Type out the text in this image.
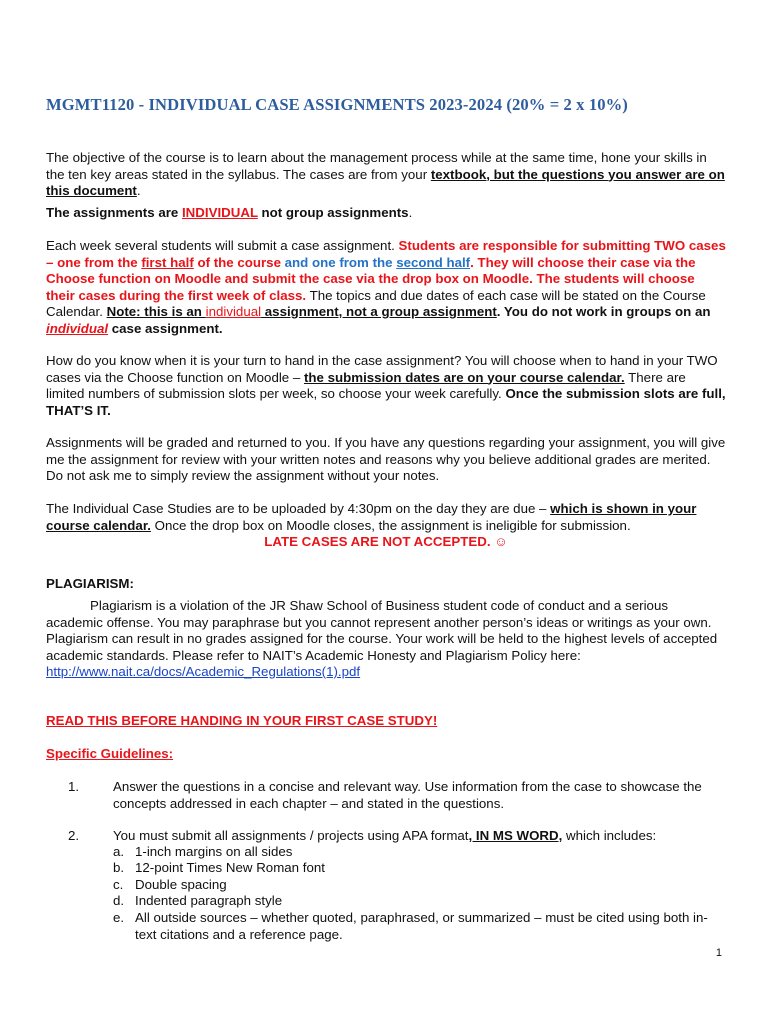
MGMT1120 - INDIVIDUAL CASE ASSIGNMENTS 2023-2024 (20% = 2 x 10%)

The objective of the course is to learn about the management process while at the same time, hone your skills in the ten key areas stated in the syllabus. The cases are from your textbook, but the questions you answer are on this document.

The assignments are INDIVIDUAL not group assignments.

Each week several students will submit a case assignment. Students are responsible for submitting TWO cases – one from the first half of the course and one from the second half. They will choose their case via the Choose function on Moodle and submit the case via the drop box on Moodle. The students will choose their cases during the first week of class. The topics and due dates of each case will be stated on the Course Calendar. Note: this is an individual assignment, not a group assignment. You do not work in groups on an individual case assignment.

How do you know when it is your turn to hand in the case assignment? You will choose when to hand in your TWO cases via the Choose function on Moodle – the submission dates are on your course calendar. There are limited numbers of submission slots per week, so choose your week carefully. Once the submission slots are full, THAT’S IT.

Assignments will be graded and returned to you. If you have any questions regarding your assignment, you will give me the assignment for review with your written notes and reasons why you believe additional grades are merited. Do not ask me to simply review the assignment without your notes.

The Individual Case Studies are to be uploaded by 4:30pm on the day they are due – which is shown in your course calendar. Once the drop box on Moodle closes, the assignment is ineligible for submission.

LATE CASES ARE NOT ACCEPTED. ☺

PLAGIARISM:

Plagiarism is a violation of the JR Shaw School of Business student code of conduct and a serious academic offense. You may paraphrase but you cannot represent another person’s ideas or writings as your own. Plagiarism can result in no grades assigned for the course. Your work will be held to the highest levels of accepted academic standards. Please refer to NAIT’s Academic Honesty and Plagiarism Policy here:
http://www.nait.ca/docs/Academic_Regulations(1).pdf

READ THIS BEFORE HANDING IN YOUR FIRST CASE STUDY!

Specific Guidelines:

1.	Answer the questions in a concise and relevant way. Use information from the case to showcase the concepts addressed in each chapter – and stated in the questions.
2.	You must submit all assignments / projects using APA format, IN MS WORD, which includes:
a. 1-inch margins on all sides
b. 12-point Times New Roman font
c. Double spacing
d. Indented paragraph style
e. All outside sources – whether quoted, paraphrased, or summarized – must be cited using both in-text citations and a reference page.
1
